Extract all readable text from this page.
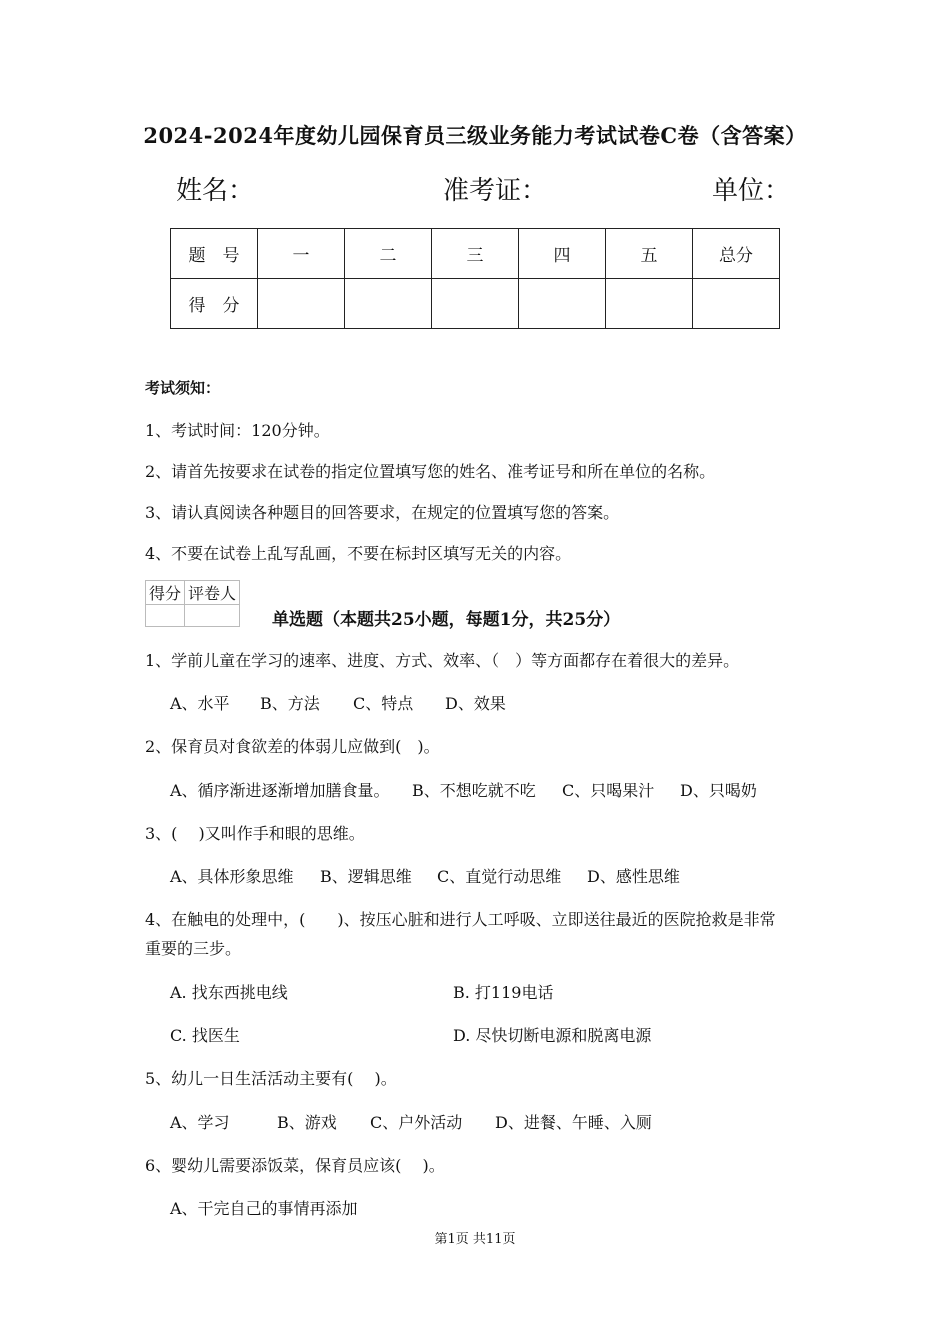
2024-2024年度幼儿园保育员三级业务能力考试试卷C卷（含答案）
姓名：	准考证：	单位：
题　号	一	二	三	四	五	总分
得　分						
考试须知：
1、考试时间：120分钟。
2、请首先按要求在试卷的指定位置填写您的姓名、准考证号和所在单位的名称。
3、请认真阅读各种题目的回答要求，在规定的位置填写您的答案。
4、不要在试卷上乱写乱画，不要在标封区填写无关的内容。
得分	评卷人

单选题（本题共25小题，每题1分，共25分）
1、学前儿童在学习的速率、进度、方式、效率、（　）等方面都存在着很大的差异。
A、水平 B、方法 C、特点 D、效果
2、保育员对食欲差的体弱儿应做到(　)。
A、循序渐进逐渐增加膳食量。 B、不想吃就不吃 C、只喝果汁 D、只喝奶
3、(　 )又叫作手和眼的思维。
A、具体形象思维 B、逻辑思维 C、直觉行动思维 D、感性思维
4、在触电的处理中，(　　)、按压心脏和进行人工呼吸、立即送往最近的医院抢救是非常
重要的三步。
A. 找东西挑电线	B. 打119电话
C. 找医生	D. 尽快切断电源和脱离电源
5、幼儿一日生活活动主要有(　 )。
A、学习	B、游戏 C、户外活动 D、进餐、午睡、入厕
6、婴幼儿需要添饭菜，保育员应该(　 )。
A、干完自己的事情再添加
第1页 共11页
